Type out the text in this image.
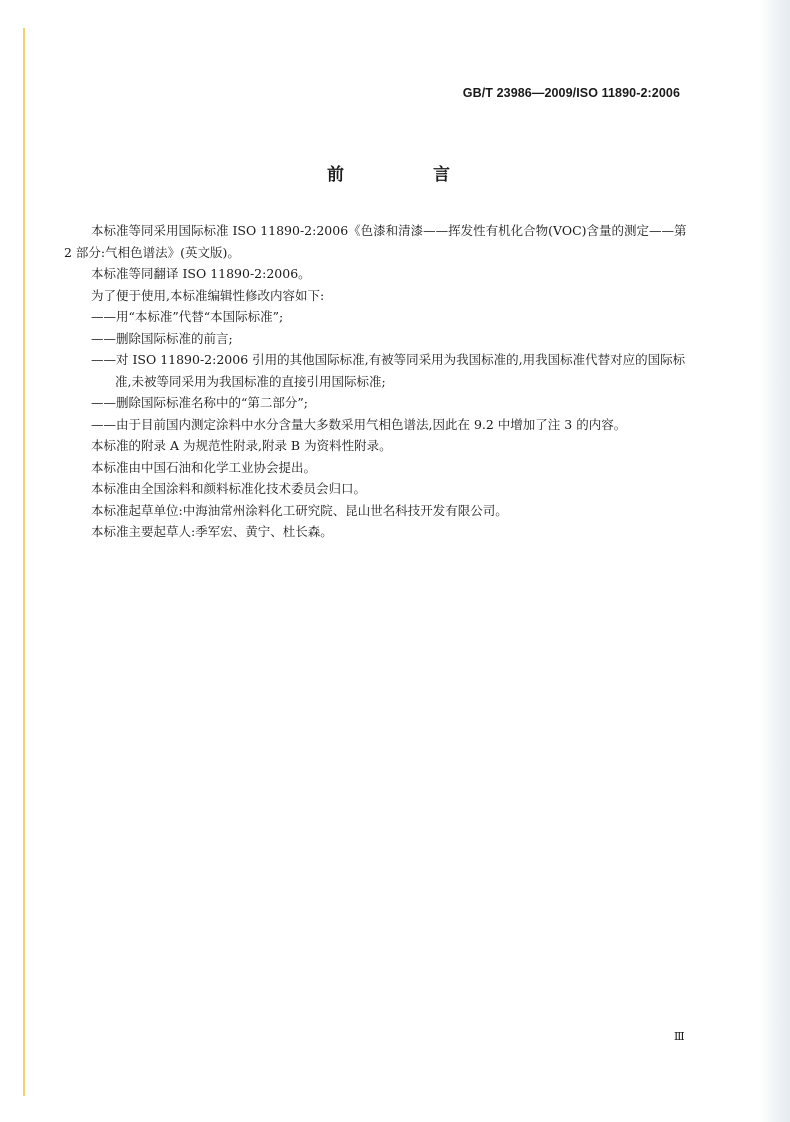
GB/T 23986—2009/ISO 11890-2:2006
前　言

本标准等同采用国际标准 ISO 11890-2:2006《色漆和清漆——挥发性有机化合物(VOC)含量的测定——第 2 部分:气相色谱法》(英文版)。

本标准等同翻译 ISO 11890-2:2006。

为了便于使用,本标准编辑性修改内容如下:

——用“本标准”代替“本国际标准”;

——删除国际标准的前言;

——对 ISO 11890-2:2006 引用的其他国际标准,有被等同采用为我国标准的,用我国标准代替对应的国际标准,未被等同采用为我国标准的直接引用国际标准;

——删除国际标准名称中的“第二部分”;

——由于目前国内测定涂料中水分含量大多数采用气相色谱法,因此在 9.2 中增加了注 3 的内容。

本标准的附录 A 为规范性附录,附录 B 为资料性附录。

本标准由中国石油和化学工业协会提出。

本标准由全国涂料和颜料标准化技术委员会归口。

本标准起草单位:中海油常州涂料化工研究院、昆山世名科技开发有限公司。

本标准主要起草人:季军宏、黄宁、杜长森。

Ⅲ
